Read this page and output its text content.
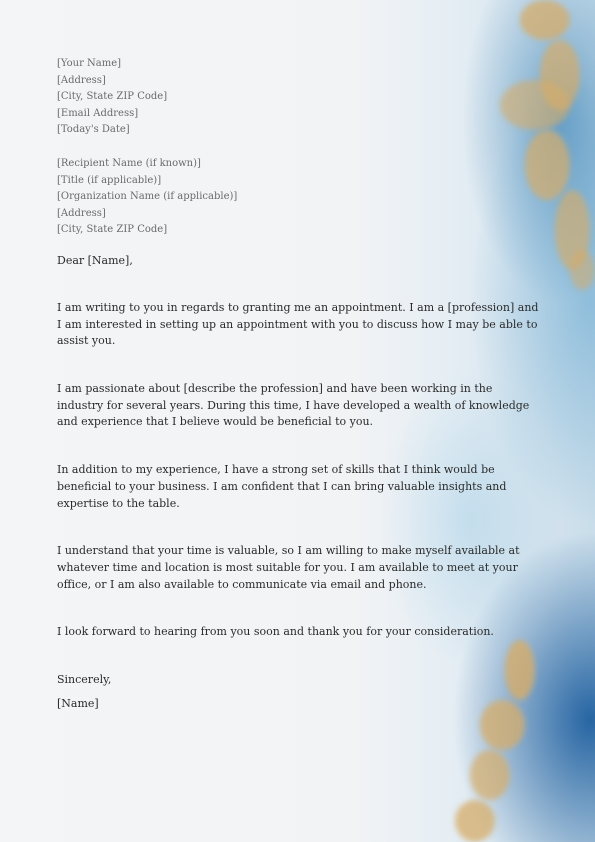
[Your Name]
[Address]
[City, State ZIP Code]
[Email Address]
[Today's Date]
[Recipient Name (if known)]
[Title (if applicable)]
[Organization Name (if applicable)]
[Address]
[City, State ZIP Code]
Dear [Name],

I am writing to you in regards to granting me an appointment. I am a [profession] and I am interested in setting up an appointment with you to discuss how I may be able to assist you.

I am passionate about [describe the profession] and have been working in the industry for several years. During this time, I have developed a wealth of knowledge and experience that I believe would be beneficial to you.

In addition to my experience, I have a strong set of skills that I think would be beneficial to your business. I am confident that I can bring valuable insights and expertise to the table.

I understand that your time is valuable, so I am willing to make myself available at whatever time and location is most suitable for you. I am available to meet at your office, or I am also available to communicate via email and phone.

I look forward to hearing from you soon and thank you for your consideration.

Sincerely,
[Name]
